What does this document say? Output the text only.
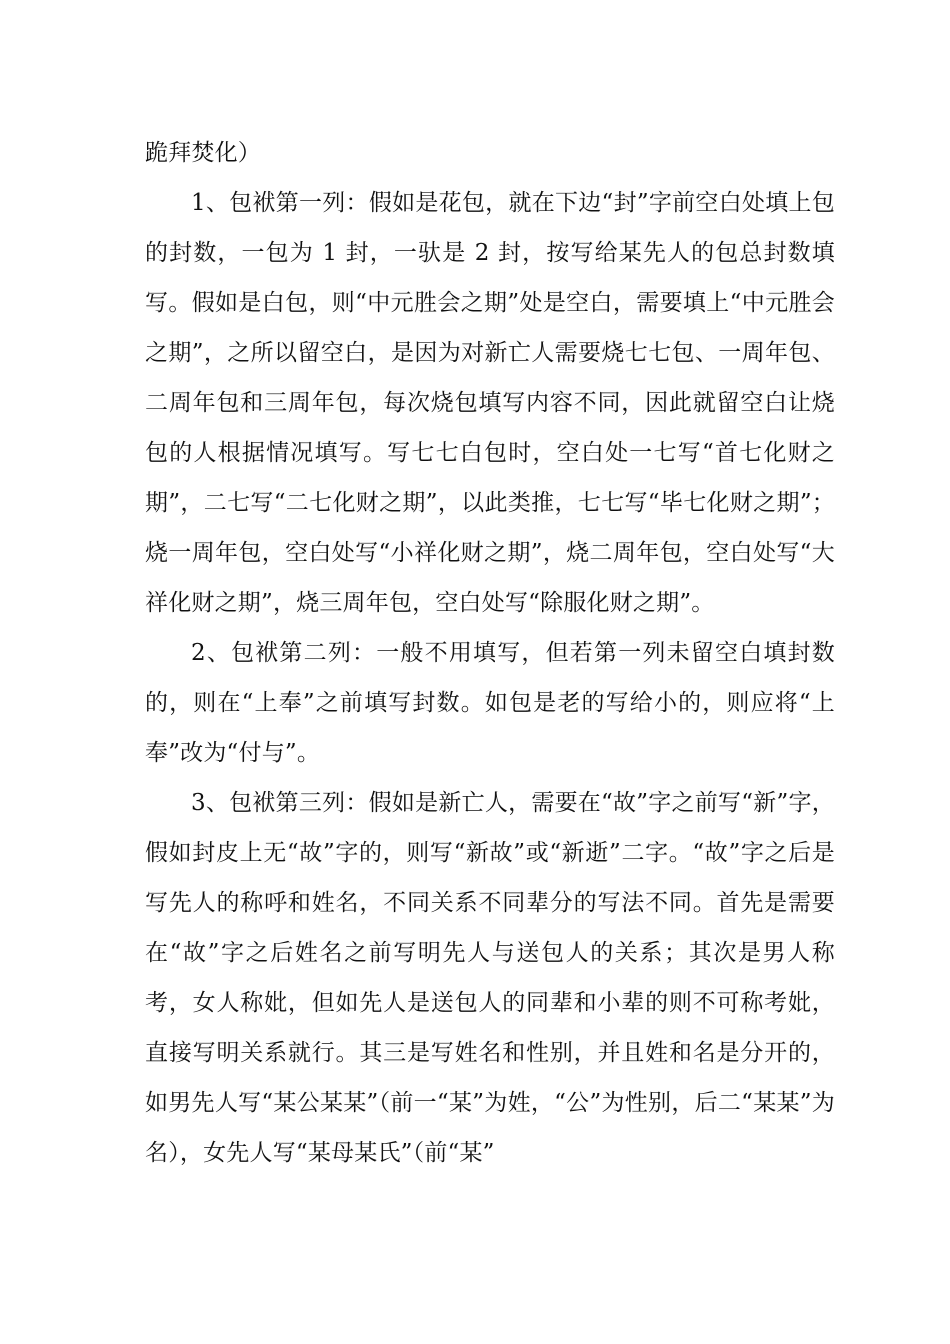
跪拜焚化）

1、包袱第一列：假如是花包，就在下边“封”字前空白处填上包的封数，一包为 1 封，一驮是 2 封，按写给某先人的包总封数填写。假如是白包，则“中元胜会之期”处是空白，需要填上“中元胜会之期”，之所以留空白，是因为对新亡人需要烧七七包、一周年包、二周年包和三周年包，每次烧包填写内容不同，因此就留空白让烧包的人根据情况填写。写七七白包时，空白处一七写“首七化财之期”，二七写“二七化财之期”，以此类推，七七写“毕七化财之期”；烧一周年包，空白处写“小祥化财之期”，烧二周年包，空白处写“大祥化财之期”，烧三周年包，空白处写“除服化财之期”。

2、包袱第二列：一般不用填写，但若第一列未留空白填封数的，则在“上奉”之前填写封数。如包是老的写给小的，则应将“上奉”改为“付与”。

3、包袱第三列：假如是新亡人，需要在“故”字之前写“新”字，假如封皮上无“故”字的，则写“新故”或“新逝”二字。“故”字之后是写先人的称呼和姓名，不同关系不同辈分的写法不同。首先是需要在“故”字之后姓名之前写明先人与送包人的关系；其次是男人称考，女人称妣，但如先人是送包人的同辈和小辈的则不可称考妣，直接写明关系就行。其三是写姓名和性别，并且姓和名是分开的，如男先人写“某公某某”（前一“某”为姓，“公”为性别，后二“某某”为名），女先人写“某母某氏”（前“某”
